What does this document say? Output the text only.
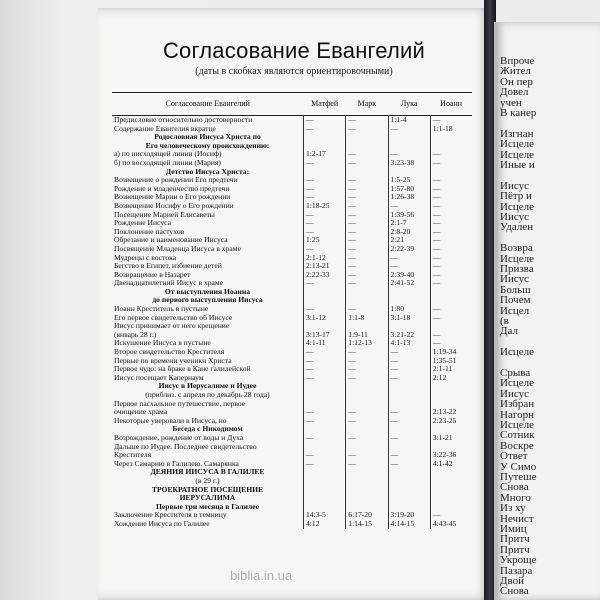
Согласование Евангелий
(даты в скобках являются ориентировочными)
Согласование Евангелий	Матфей	Марк	Лука	Иоанн
Предисловие относительно достоверности	—	—	1:1-4	—
Содержание Евангелия вкратце	—	—	—	1:1-18
Родословная Иисуса Христа по				
Его человеческому происхождению:				
а) по нисходящей линии (Иосиф)	1:2-17	—	—	—
б) по восходящей линии (Мария)	—	—	3:23-38	—
Детство Иисуса Христа:				
Возвещение о рождении Его предтечи	—	—	1:5-25	—
Рождение и младенчество предтечи	—	—	1:57-80	—
Возвещение Марии о Его рождении	—	—	1:26-38	—
Возвещение Иосифу о Его рождении	1:18-25	—	—	—
Посещение Марией Елисаветы	—	—	1:39-56	—
Рождение Иисуса	—	—	2:1-7	—
Поклонение пастухов	—	—	2:8-20	—
Обрезание и наименование Иисуса	1:25	—	2:21	—
Посвящение Младенца Иисуса в храме	—	—	2:22-39	—
Мудрецы с востока	2:1-12	—	—	—
Бегство в Египет, избиение детей	2:13-21	—	—	—
Возвращение в Назарет	2:22-33	—	2:39-40	—
Двенадцатилетний Иисус в храме	—	—	2:41-52	—
От выступления Иоанна				
до первого выступления Иисуса				
Иоанн Креститель в пустыне	—	—	1:80	—
Его первое свидетельство об Иисусе	3:1-12	1:1-8	3:1-18	—
Иисус принимает от него крещение				
(январь 28 г.)	3:13-17	1:9-11	3:21-22	—
Искушение Иисуса в пустыне	4:1-11	1:12-13	4:1-13	—
Второе свидетельство Крестителя	—	—	—	1:19-34
Первые по времени ученики Христа	—	—	—	1:35-51
Первое чудо: на браке в Кане галилейской	—	—	—	2:1-11
Иисус посещает Капернаум	—	—	—	2:12
Иисус в Иерусалиме и Иудее				
(приблиз. с апреля по декабрь 28 года)				
Первое пасхальное путешествие, первое				
очищение храма	—	—	—	2:13-22
Некоторые уверовали в Иисуса, но	—	—	—	2:23-25
Беседа с Никодимом				
Возрождение, рождение от воды и Духа	—	—	—	3:1-21
Дальше по Иудее. Последнее свидетельство				
Крестителя	—	—	—	3:22-36
Через Самарию в Галилею. Самарянка	—	—	—	4:1-42
ДЕЯНИЯ ИИСУСА В ГАЛИЛЕЕ				
(в 29 г.)				
ТРОЕКРАТНОЕ ПОСЕЩЕНИЕ				
ИЕРУСАЛИМА				
Первые три месяца в Галилее				
Заключение Крестителя в темницу	14:3-5	6:17-20	3:19-20	—
Хождение Иисуса по Галилее	4:12	1:14-15	4:14-15	4:43-45
Впроче
Жител
Он пер
Довел
учен
В канер
Изгнан
Исцеле
Исцеле
Иные и
Иисус
Пётр и
Исцеле
Иисус
Удален
Возвра
Исцеле
Призва
Иисус
Больш
Почем
Исцел
(в
Дал
Исцеле
Срыва
Исцеле
Иисус
Избран
Нагорн
Исцеле
Сотник
Воскре
Ответ
У Симо
Путеше
Снова
Много
Из ху
Нечист
Имиц
Притч
Притч
Укроще
Пазара
Двой
Снова
biblia.in.ua
